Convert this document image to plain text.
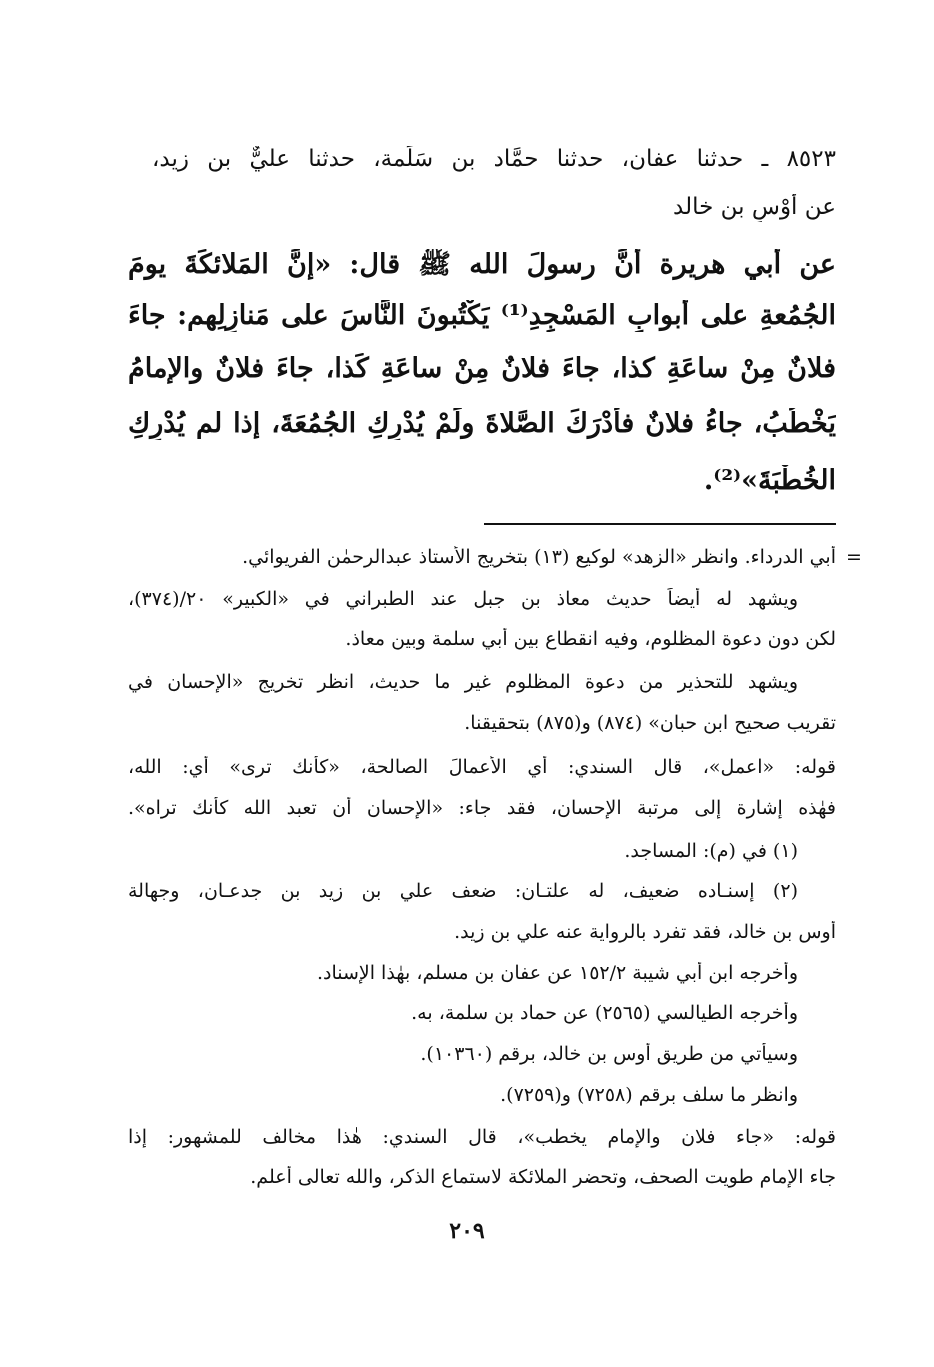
٨٥٢٣ ـ حدثنا عفان، حدثنا حمَّاد بن سَلَمة، حدثنا عليٌّ بن زيد،
عن أَوْسِ بن خالد
عن أبي هريرة أنَّ رسولَ الله ﷺ قال: «إنَّ المَلائكَةَ يومَ
الجُمُعةِ على أبوابِ المَسْجِدِ⁽¹⁾ يَكْتُبونَ النَّاسَ على مَنازِلِهم: جاءَ
فلانٌ مِنْ ساعَةِ كذا، جاءَ فلانٌ مِنْ ساعَةِ كَذا، جاءَ فلانٌ والإمامُ
يَخْطُبُ، جاءُ فلانٌ فأدْرَكَ الصَّلاةَ ولَمْ يُدْرِكِ الجُمُعَةَ، إذا لم يُدْرِكِ
الخُطْبَةَ»⁽²⁾.
=
أبي الدرداء. وانظر «الزهد» لوكيع (١٣) بتخريج الأستاذ عبدالرحمٰن الفريوائي.
ويشهد له أيضاً حديث معاذ بن جبل عند الطبراني في «الكبير» ٢٠/(٣٧٤)،
لكن دون دعوة المظلوم، وفيه انقطاع بين أبي سلمة وبين معاذ.
ويشهد للتحذير من دعوة المظلوم غير ما حديث، انظر تخريج «الإحسان في
تقريب صحيح ابن حبان» (٨٧٤) و(٨٧٥) بتحقيقنا.
قوله: «اعمل»، قال السندي: أي الأعمالَ الصالحة، «كأنك ترى» أي: الله،
فهٰذه إشارة إلى مرتبة الإحسان، فقد جاء: «الإحسان أن تعبد الله كأنك تراه».
(١) في (م): المساجد.
(٢) إسنـاده ضعيف، له علتـان: ضعف علي بن زيد بن جدعـان، وجهالة
أوس بن خالد، فقد تفرد بالرواية عنه علي بن زيد.
وأخرجه ابن أبي شيبة ١٥٢/٢ عن عفان بن مسلم، بهٰذا الإسناد.
وأخرجه الطيالسي (٢٥٦٥) عن حماد بن سلمة، به.
وسيأتي من طريق أوس بن خالد، برقم (١٠٣٦٠).
وانظر ما سلف برقم (٧٢٥٨) و(٧٢٥٩).
قوله: «جاء فلان والإمام يخطب»، قال السندي: هٰذا مخالف للمشهور: إذا
جاء الإمام طويت الصحف، وتحضر الملائكة لاستماع الذكر، والله تعالى أعلم.
٢٠٩
